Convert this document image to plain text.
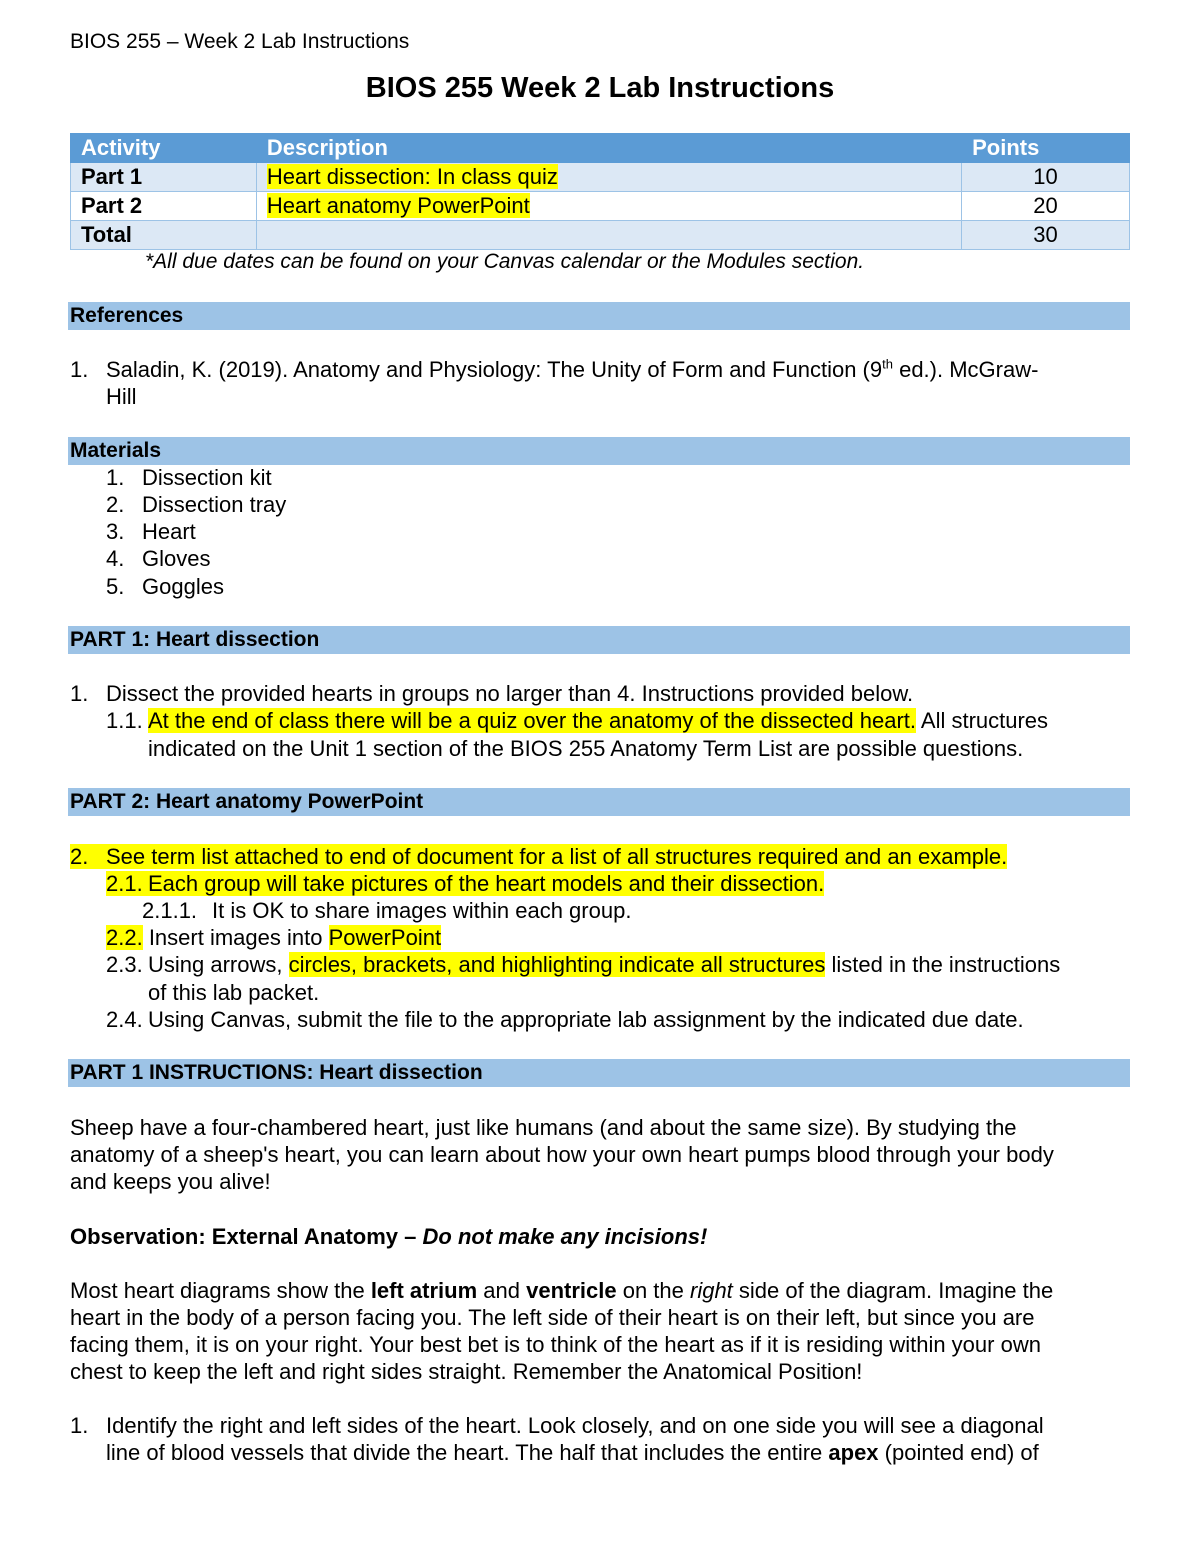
BIOS 255 – Week 2 Lab Instructions
BIOS 255 Week 2 Lab Instructions
Activity	Description	Points
Part 1	Heart dissection: In class quiz	10
Part 2	Heart anatomy PowerPoint	20
Total		30
*All due dates can be found on your Canvas calendar or the Modules section.
References
1. Saladin, K. (2019). Anatomy and Physiology: The Unity of Form and Function (9th ed.). McGraw-
Hill
Materials
1. Dissection kit
2. Dissection tray
3. Heart
4. Gloves
5. Goggles
PART 1: Heart dissection
1. Dissect the provided hearts in groups no larger than 4. Instructions provided below.
1.1. At the end of class there will be a quiz over the anatomy of the dissected heart. All structures
indicated on the Unit 1 section of the BIOS 255 Anatomy Term List are possible questions.
PART 2: Heart anatomy PowerPoint
2. See term list attached to end of document for a list of all structures required and an example.
2.1. Each group will take pictures of the heart models and their dissection.
2.1.1. It is OK to share images within each group.
2.2. Insert images into PowerPoint
2.3. Using arrows, circles, brackets, and highlighting indicate all structures listed in the instructions
of this lab packet.
2.4. Using Canvas, submit the file to the appropriate lab assignment by the indicated due date.
PART 1 INSTRUCTIONS: Heart dissection
Sheep have a four-chambered heart, just like humans (and about the same size). By studying the
anatomy of a sheep's heart, you can learn about how your own heart pumps blood through your body
and keeps you alive!
Observation: External Anatomy – Do not make any incisions!
Most heart diagrams show the left atrium and ventricle on the right side of the diagram. Imagine the
heart in the body of a person facing you. The left side of their heart is on their left, but since you are
facing them, it is on your right. Your best bet is to think of the heart as if it is residing within your own
chest to keep the left and right sides straight. Remember the Anatomical Position!
1. Identify the right and left sides of the heart. Look closely, and on one side you will see a diagonal
line of blood vessels that divide the heart. The half that includes the entire apex (pointed end) of
